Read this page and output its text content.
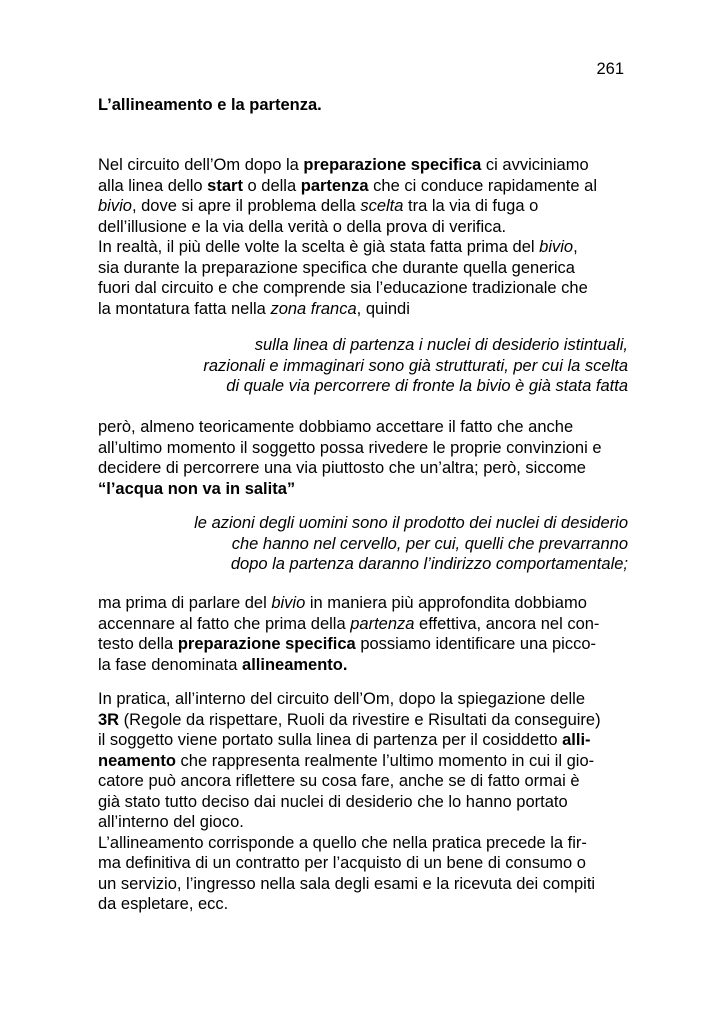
261
L’allineamento e la partenza.
Nel circuito dell’Om dopo la preparazione specifica ci avviciniamo
alla linea dello start o della partenza che ci conduce rapidamente al
bivio, dove si apre il problema della scelta tra la via di fuga o
dell’illusione e la via della verità o della prova di verifica.
In realtà, il più delle volte la scelta è già stata fatta prima del bivio,
sia durante la preparazione specifica che durante quella generica
fuori dal circuito e che comprende sia l’educazione tradizionale che
la montatura fatta nella zona franca, quindi
sulla linea di partenza i nuclei di desiderio istintuali,
razionali e immaginari sono già strutturati, per cui la scelta
di quale via percorrere di fronte la bivio è già stata fatta
però, almeno teoricamente dobbiamo accettare il fatto che anche
all’ultimo momento il soggetto possa rivedere le proprie convinzioni e
decidere di percorrere una via piuttosto che un’altra; però, siccome
“l’acqua non va in salita”
le azioni degli uomini sono il prodotto dei nuclei di desiderio
che hanno nel cervello, per cui, quelli che prevarranno
dopo la partenza daranno l’indirizzo comportamentale;
ma prima di parlare del bivio in maniera più approfondita dobbiamo
accennare al fatto che prima della partenza effettiva, ancora nel con-
testo della preparazione specifica possiamo identificare una picco-
la fase denominata allineamento.
In pratica, all’interno del circuito dell’Om, dopo la spiegazione delle
3R (Regole da rispettare, Ruoli da rivestire e Risultati da conseguire)
il soggetto viene portato sulla linea di partenza per il cosiddetto alli-
neamento che rappresenta realmente l’ultimo momento in cui il gio-
catore può ancora riflettere su cosa fare, anche se di fatto ormai è
già stato tutto deciso dai nuclei di desiderio che lo hanno portato
all’interno del gioco.
L’allineamento corrisponde a quello che nella pratica precede la fir-
ma definitiva di un contratto per l’acquisto di un bene di consumo o
un servizio, l’ingresso nella sala degli esami e la ricevuta dei compiti
da espletare, ecc.
